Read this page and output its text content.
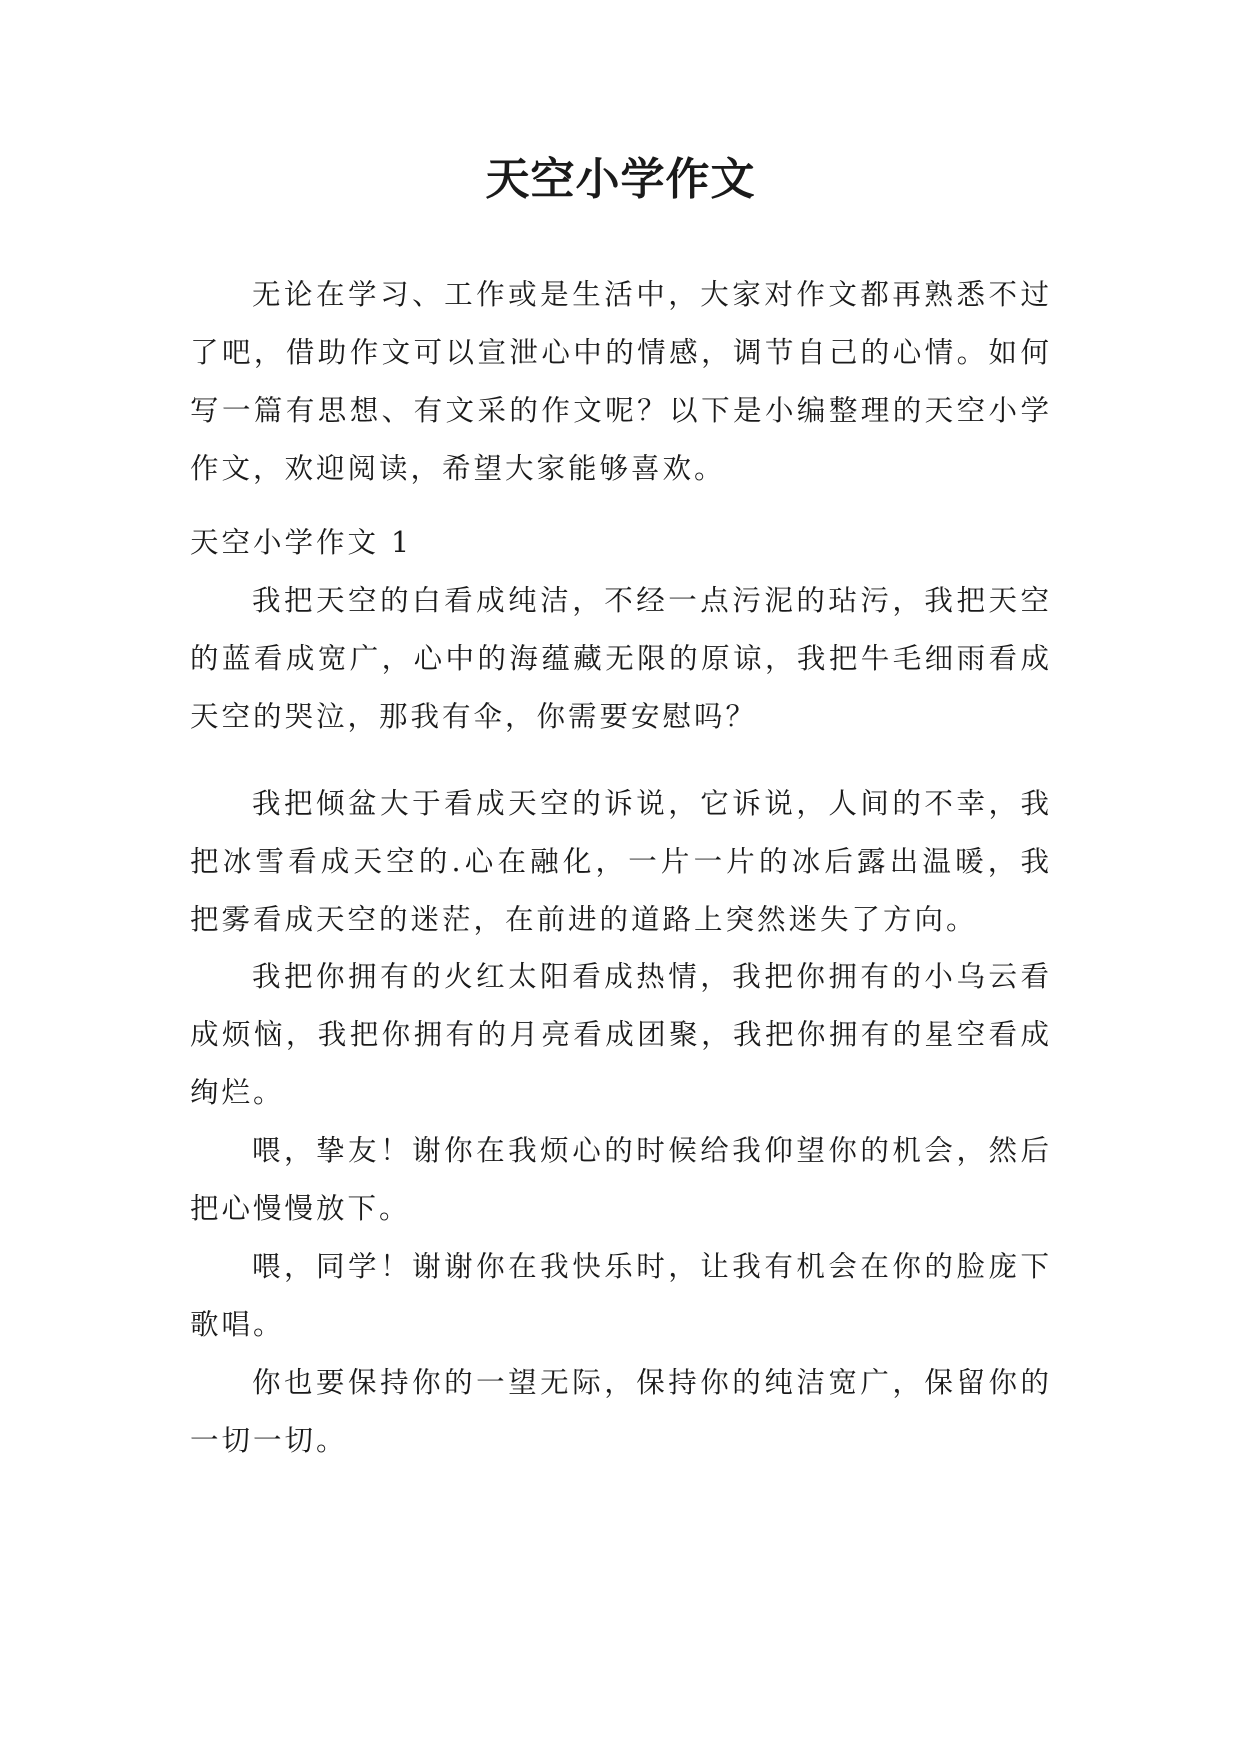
天空小学作文

无论在学习、工作或是生活中，大家对作文都再熟悉不过了吧，借助作文可以宣泄心中的情感，调节自己的心情。如何写一篇有思想、有文采的作文呢？以下是小编整理的天空小学作文，欢迎阅读，希望大家能够喜欢。

天空小学作文 1

我把天空的白看成纯洁，不经一点污泥的玷污，我把天空的蓝看成宽广，心中的海蕴藏无限的原谅，我把牛毛细雨看成天空的哭泣，那我有伞，你需要安慰吗？

我把倾盆大于看成天空的诉说，它诉说，人间的不幸，我把冰雪看成天空的.心在融化，一片一片的冰后露出温暖，我把雾看成天空的迷茫，在前进的道路上突然迷失了方向。

我把你拥有的火红太阳看成热情，我把你拥有的小乌云看成烦恼，我把你拥有的月亮看成团聚，我把你拥有的星空看成绚烂。

喂，挚友！谢你在我烦心的时候给我仰望你的机会，然后把心慢慢放下。

喂，同学！谢谢你在我快乐时，让我有机会在你的脸庞下歌唱。

你也要保持你的一望无际，保持你的纯洁宽广，保留你的一切一切。
